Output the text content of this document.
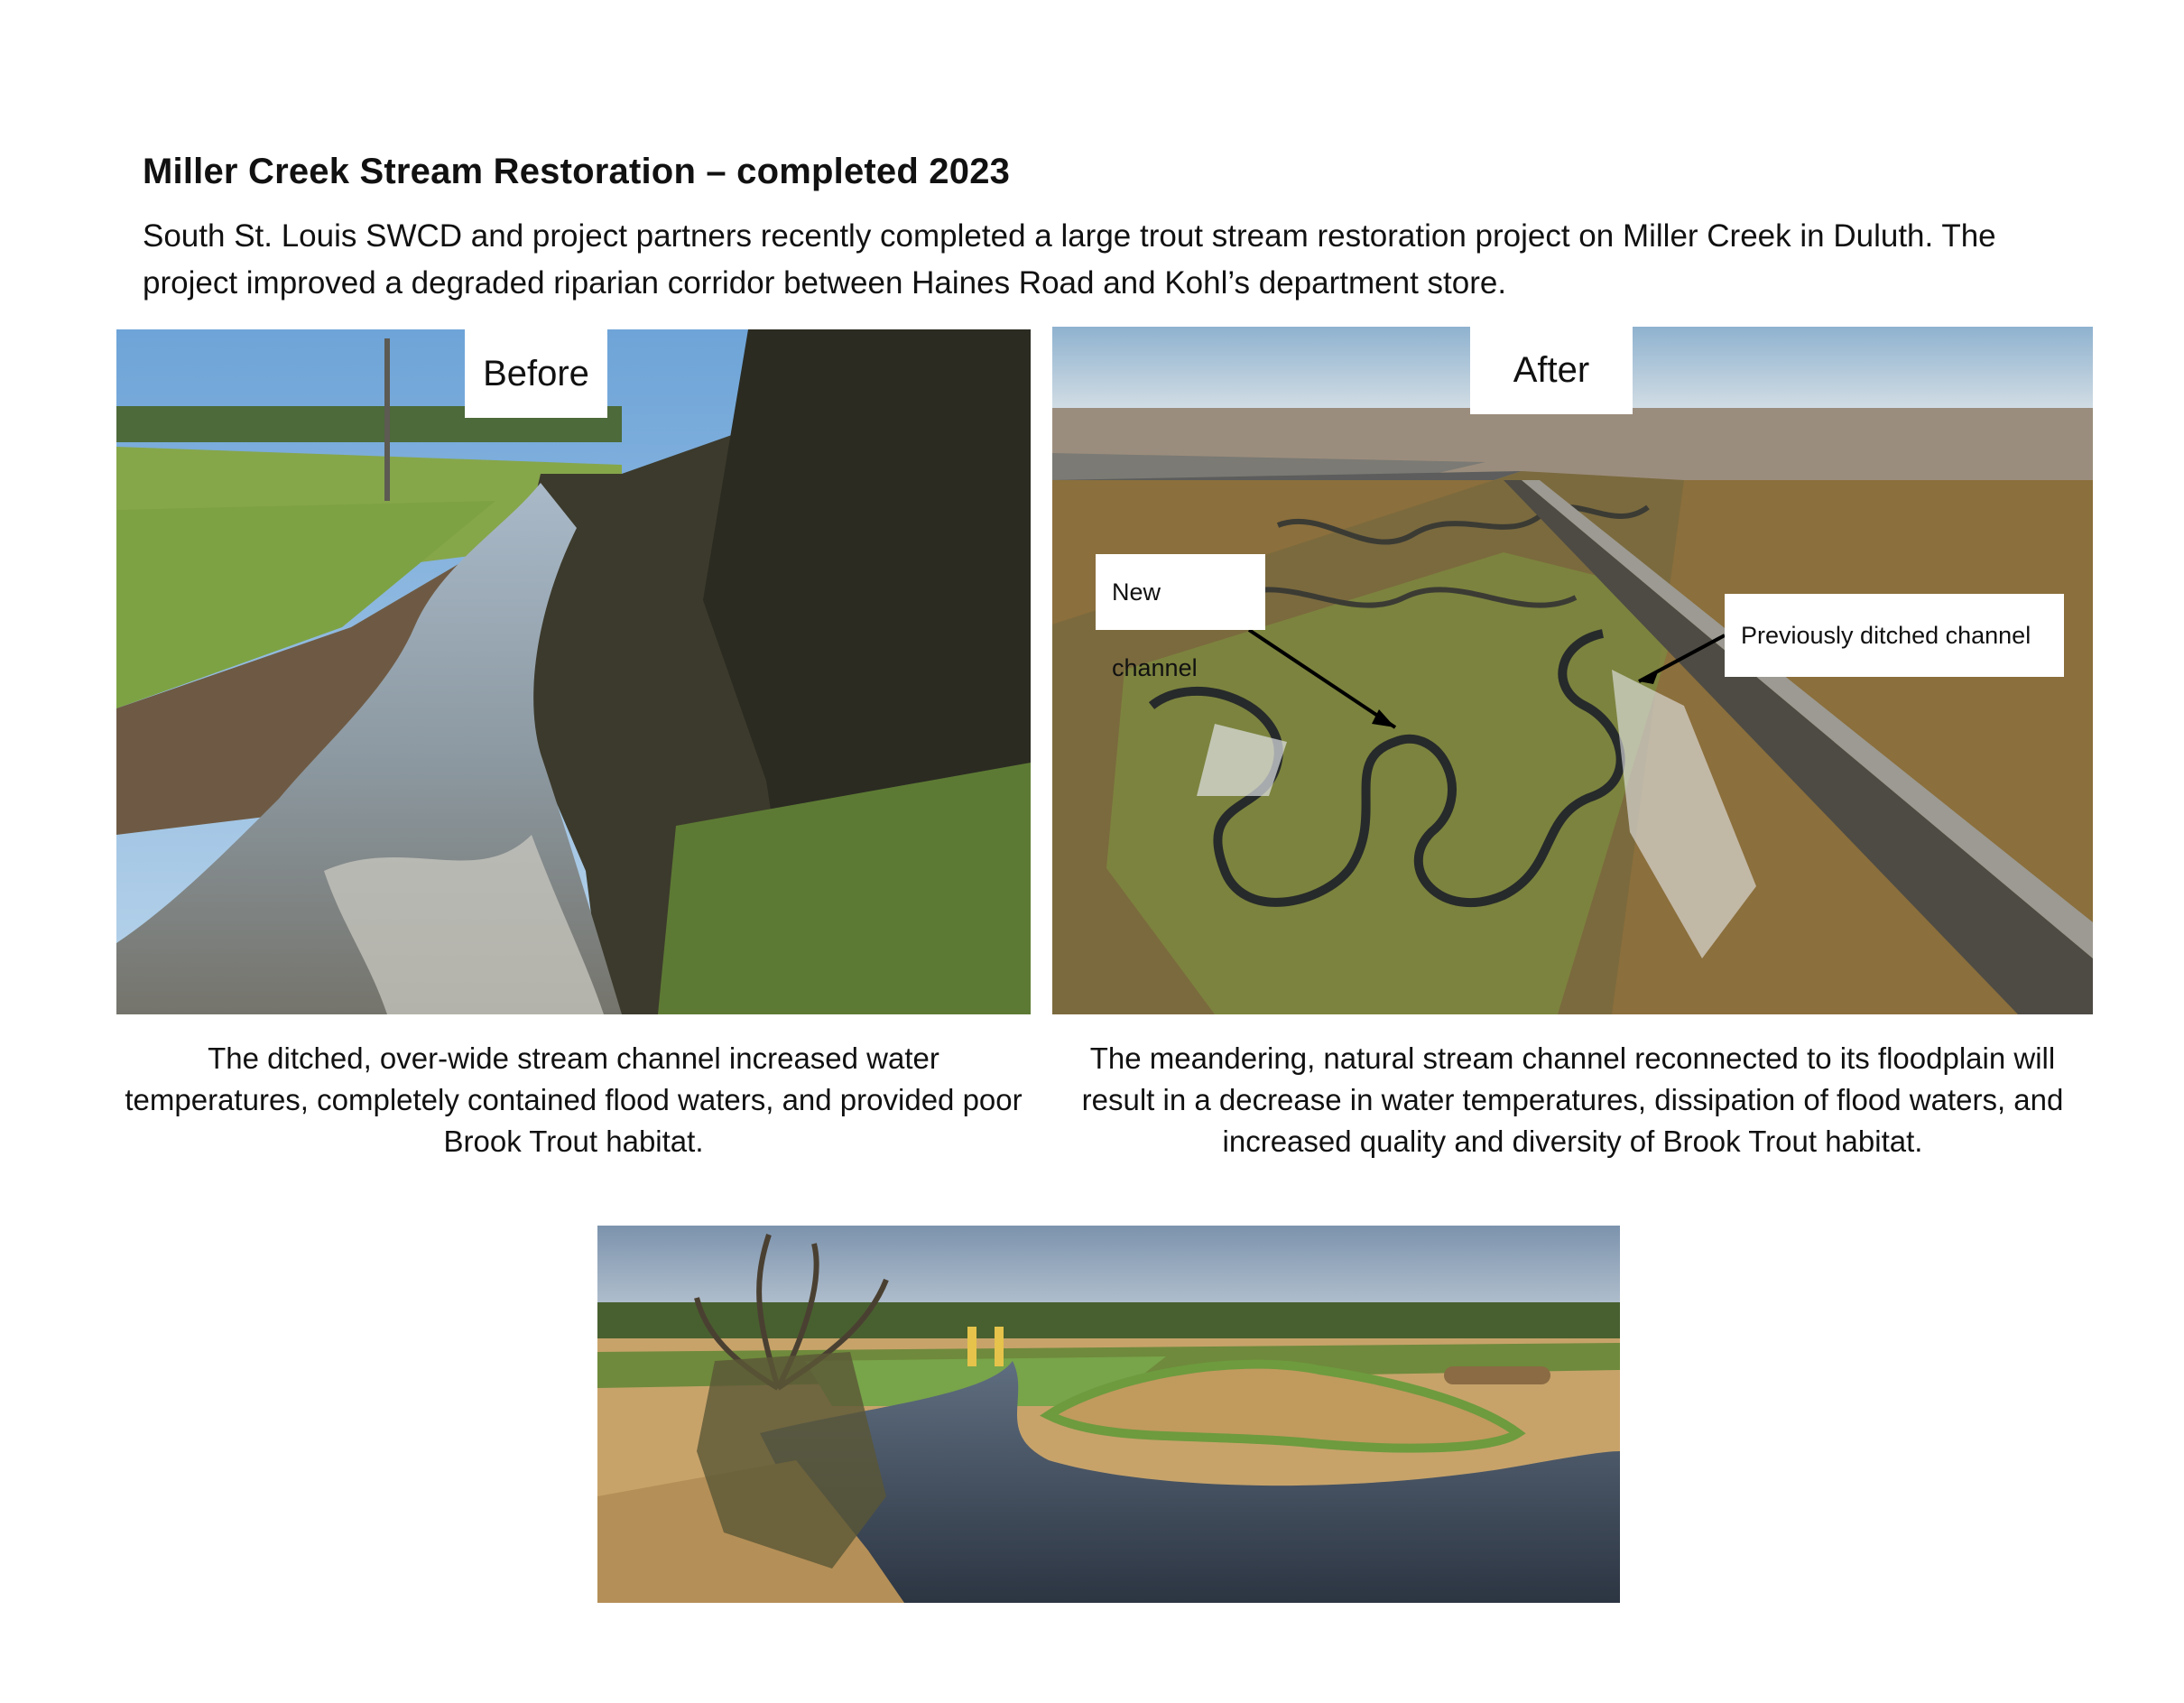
Miller Creek Stream Restoration – completed 2023

South St. Louis SWCD and project partners recently completed a large trout stream restoration project on Miller Creek in Duluth. The project improved a degraded riparian corridor between Haines Road and Kohl’s department store.

Before	After
New channel
Previously ditched channel

The ditched, over-wide stream channel increased water temperatures, completely contained flood waters, and provided poor Brook Trout habitat.

The meandering, natural stream channel reconnected to its floodplain will result in a decrease in water temperatures, dissipation of flood waters, and increased quality and diversity of Brook Trout habitat.
